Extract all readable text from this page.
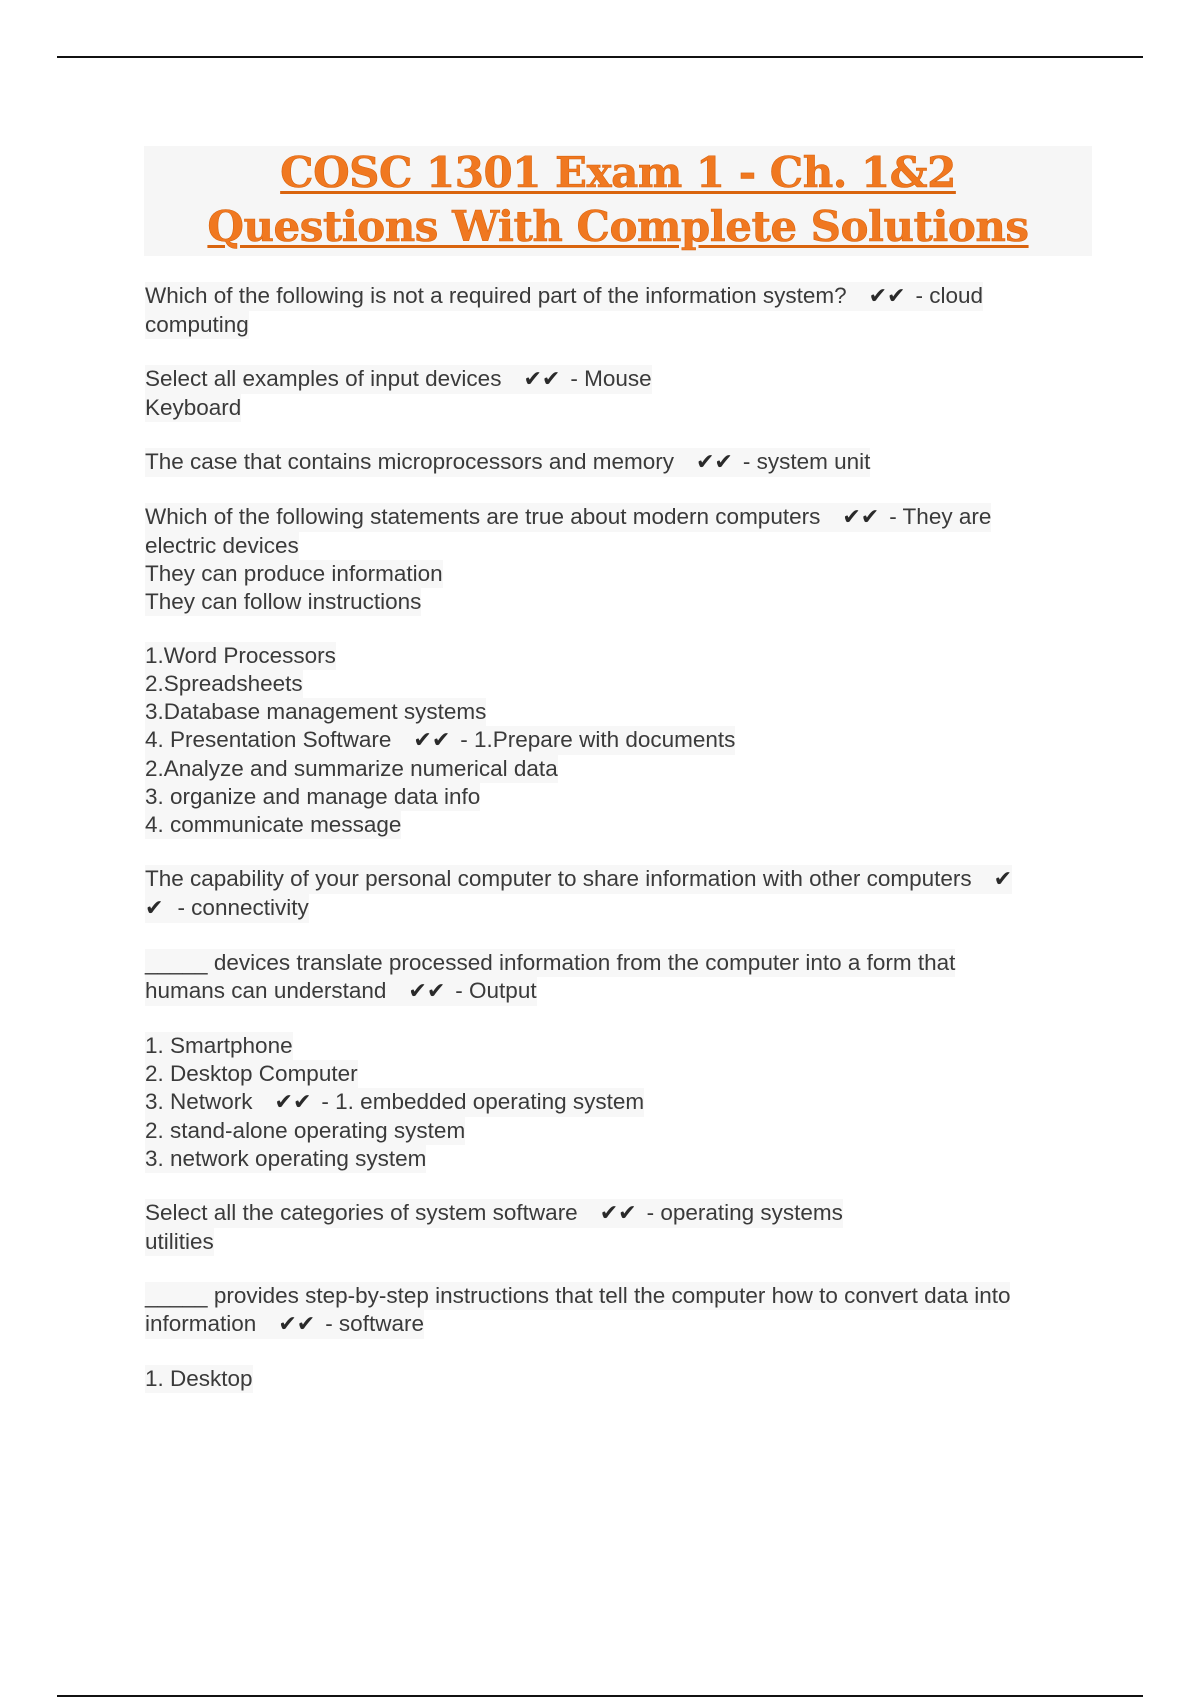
COSC 1301 Exam 1 - Ch. 1&2
Questions With Complete Solutions
Which of the following is not a required part of the information system? ✔✔ - cloud
computing
Select all examples of input devices ✔✔ - Mouse
Keyboard
The case that contains microprocessors and memory ✔✔ - system unit
Which of the following statements are true about modern computers ✔✔ - They are
electric devices
They can produce information
They can follow instructions
1.Word Processors
2.Spreadsheets
3.Database management systems
4. Presentation Software ✔✔ - 1.Prepare with documents
2.Analyze and summarize numerical data
3. organize and manage data info
4. communicate message
The capability of your personal computer to share information with other computers ✔
✔ - connectivity
_____ devices translate processed information from the computer into a form that
humans can understand ✔✔ - Output
1. Smartphone
2. Desktop Computer
3. Network ✔✔ - 1. embedded operating system
2. stand-alone operating system
3. network operating system
Select all the categories of system software ✔✔ - operating systems
utilities
_____ provides step-by-step instructions that tell the computer how to convert data into
information ✔✔ - software
1. Desktop
